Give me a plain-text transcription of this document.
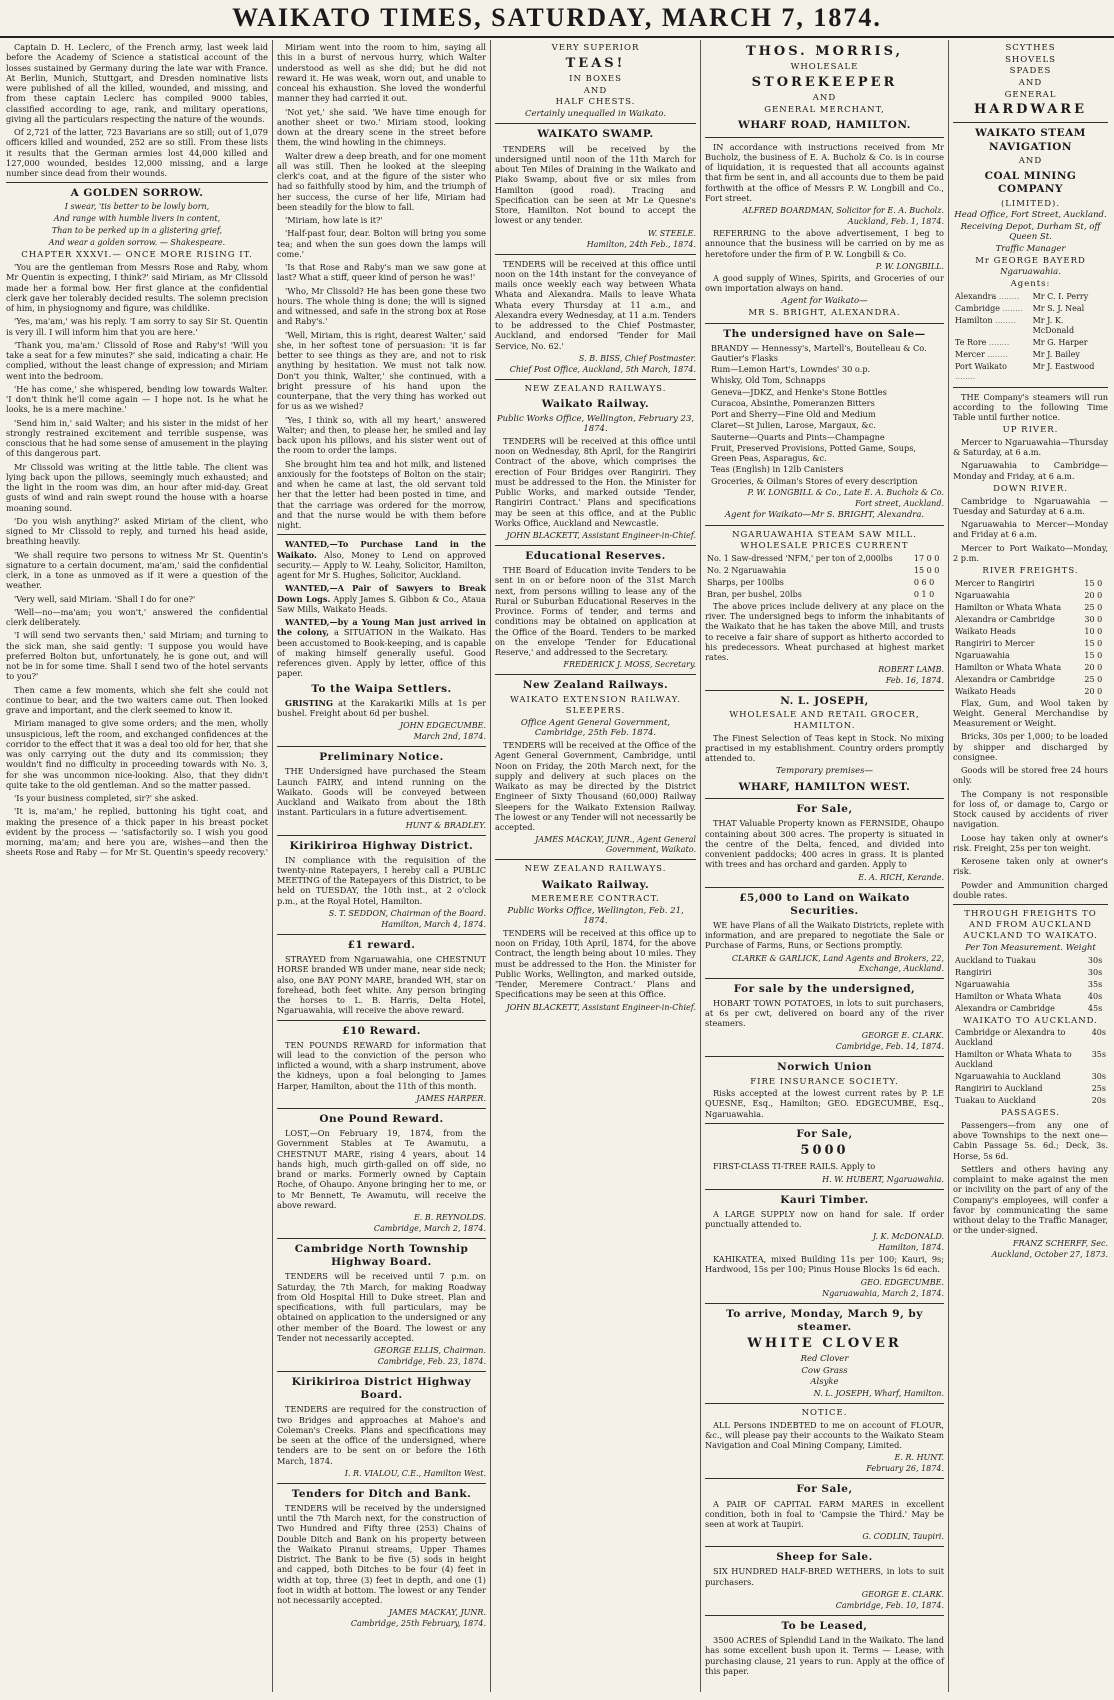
WAIKATO TIMES, SATURDAY, MARCH 7, 1874.

Captain D. H. Leclerc, of the French army, last week laid before the Academy of Science a statistical account of the losses sustained by Germany during the late war with France. At Berlin, Munich, Stuttgart, and Dresden nominative lists were published of all the killed, wounded, and missing, and from these captain Leclerc has compiled 9000 tables, classified according to age, rank, and military operations, giving all the particulars respecting the nature of the wounds.

Of 2,721 of the latter, 723 Bavarians are so still; out of 1,079 officers killed and wounded, 252 are so still. From these lists it results that the German armies lost 44,000 killed and 127,000 wounded, besides 12,000 missing, and a large number since dead from their wounds.

A GOLDEN SORROW.
I swear, 'tis better to be lowly born,
And range with humble livers in content,
Than to be perked up in a glistering grief,
And wear a golden sorrow. — Shakespeare.
CHAPTER XXXVI.— ONCE MORE RISING IT.

'You are the gentleman from Messrs Rose and Raby, whom Mr Quentin is expecting, I think?' said Miriam, as Mr Clissold made her a formal bow. Her first glance at the confidential clerk gave her tolerably decided results. The solemn precision of him, in physiognomy and figure, was childlike.

'Yes, ma'am,' was his reply. 'I am sorry to say Sir St. Quentin is very ill. I will inform him that you are here.'

'Thank you, ma'am.' Clissold of Rose and Raby's! 'Will you take a seat for a few minutes?' she said, indicating a chair. He complied, without the least change of expression; and Miriam went into the bedroom.

'He has come,' she whispered, bending low towards Walter. 'I don't think he'll come again — I hope not. Is he what he looks, he is a mere machine.'

'Send him in,' said Walter; and his sister in the midst of her strongly restrained excitement and terrible suspense, was conscious that he had some sense of amusement in the playing of this dangerous part.

Mr Clissold was writing at the little table. The client was lying back upon the pillows, seemingly much exhausted; and the light in the room was dim, an hour after mid-day. Great gusts of wind and rain swept round the house with a hoarse moaning sound.

'Do you wish anything?' asked Miriam of the client, who signed to Mr Clissold to reply, and turned his head aside, breathing heavily.

'We shall require two persons to witness Mr St. Quentin's signature to a certain document, ma'am,' said the confidential clerk, in a tone as unmoved as if it were a question of the weather.

'Very well, said Miriam. 'Shall I do for one?'

'Well—no—ma'am; you won't,' answered the confidential clerk deliberately.

'I will send two servants then,' said Miriam; and turning to the sick man, she said gently: 'I suppose you would have preferred Bolton but, unfortunately, he is gone out, and will not be in for some time. Shall I send two of the hotel servants to you?'

Then came a few moments, which she felt she could not continue to bear, and the two waiters came out. Then looked grave and important, and the clerk seemed to know it.

Miriam managed to give some orders; and the men, wholly unsuspicious, left the room, and exchanged confidences at the corridor to the effect that it was a deal too old for her, that she was only carrying out the duty and its commission; they wouldn't find no difficulty in proceeding towards with No. 3, for she was uncommon nice-looking. Also, that they didn't quite take to the old gentleman. And so the matter passed.

'Is your business completed, sir?' she asked.

'It is, ma'am,' he replied, buttoning his tight coat, and making the presence of a thick paper in his breast pocket evident by the process — 'satisfactorily so. I wish you good morning, ma'am; and here you are, wishes—and then the sheets Rose and Raby — for Mr St. Quentin's speedy recovery.'

Miriam went into the room to him, saying all this in a burst of nervous hurry, which Walter understood as well as she did; but he did not reward it. He was weak, worn out, and unable to conceal his exhaustion. She loved the wonderful manner they had carried it out.

'Not yet,' she said. 'We have time enough for another sheet or two.' Miriam stood, looking down at the dreary scene in the street before them, the wind howling in the chimneys.

Walter drew a deep breath, and for one moment all was still. Then he looked at the sleeping clerk's coat, and at the figure of the sister who had so faithfully stood by him, and the triumph of her success, the curse of her life, Miriam had been steadily for the blow to fall.

'Miriam, how late is it?'

'Half-past four, dear. Bolton will bring you some tea; and when the sun goes down the lamps will come.'

'Is that Rose and Raby's man we saw gone at last? What a stiff, queer kind of person he was!'

'Who, Mr Clissold? He has been gone these two hours. The whole thing is done; the will is signed and witnessed, and safe in the strong box at Rose and Raby's.'

'Well, Miriam, this is right, dearest Walter,' said she, in her softest tone of persuasion: 'it is far better to see things as they are, and not to risk anything by hesitation. We must not talk now. Don't you think, Walter,' she continued, with a bright pressure of his hand upon the counterpane, that the very thing has worked out for us as we wished?

'Yes, I think so, with all my heart,' answered Walter; and then, to please her, he smiled and lay back upon his pillows, and his sister went out of the room to order the lamps.

She brought him tea and hot milk, and listened anxiously for the footsteps of Bolton on the stair; and when he came at last, the old servant told her that the letter had been posted in time, and that the carriage was ordered for the morrow, and that the nurse would be with them before night.

WANTED,—To Purchase Land in the Waikato. Also, Money to Lend on approved security.— Apply to W. Leahy, Solicitor, Hamilton, agent for Mr S. Hughes, Solicitor, Auckland.

WANTED,—A Pair of Sawyers to Break Down Logs. Apply James S. Gibbon & Co., Ataua Saw Mills, Waikato Heads.

WANTED,—by a Young Man just arrived in the colony, a SITUATION in the Waikato. Has been accustomed to Book-keeping, and is capable of making himself generally useful. Good references given. Apply by letter, office of this paper.

To the Waipa Settlers.

GRISTING at the Karakariki Mills at 1s per bushel. Freight about 6d per bushel.

JOHN EDGECUMBE.
March 2nd, 1874.
Preliminary Notice.

THE Undersigned have purchased the Steam Launch FAIRY, and intend running on the Waikato. Goods will be conveyed between Auckland and Waikato from about the 18th instant. Particulars in a future advertisement.

HUNT & BRADLEY.
Kirikiriroa Highway District.

IN compliance with the requisition of the twenty-nine Ratepayers, I hereby call a PUBLIC MEETING of the Ratepayers of this District, to be held on TUESDAY, the 10th inst., at 2 o'clock p.m., at the Royal Hotel, Hamilton.

S. T. SEDDON, Chairman of the Board.
Hamilton, March 4, 1874.
£1 reward.

STRAYED from Ngaruawahia, one CHESTNUT HORSE branded WB under mane, near side neck; also, one BAY PONY MARE, branded WH, star on forehead, both feet white. Any person bringing the horses to L. B. Harris, Delta Hotel, Ngaruawahia, will receive the above reward.

£10 Reward.

TEN POUNDS REWARD for information that will lead to the conviction of the person who inflicted a wound, with a sharp instrument, above the kidneys, upon a foal belonging to James Harper, Hamilton, about the 11th of this month.

JAMES HARPER.
One Pound Reward.

LOST,—On February 19, 1874, from the Government Stables at Te Awamutu, a CHESTNUT MARE, rising 4 years, about 14 hands high, much girth-galled on off side, no brand or marks. Formerly owned by Captain Roche, of Ohaupo. Anyone bringing her to me, or to Mr Bennett, Te Awamutu, will receive the above reward.

E. B. REYNOLDS.
Cambridge, March 2, 1874.
Cambridge North Township Highway Board.

TENDERS will be received until 7 p.m. on Saturday, the 7th March, for making Roadway from Old Hospital Hill to Duke street. Plan and specifications, with full particulars, may be obtained on application to the undersigned or any other member of the Board. The lowest or any Tender not necessarily accepted.

GEORGE ELLIS, Chairman.
Cambridge, Feb. 23, 1874.
Kirikiriroa District Highway Board.

TENDERS are required for the construction of two Bridges and approaches at Mahoe's and Coleman's Creeks. Plans and specifications may be seen at the office of the undersigned, where tenders are to be sent on or before the 16th March, 1874.

I. R. VIALOU, C.E., Hamilton West.
Tenders for Ditch and Bank.

TENDERS will be received by the undersigned until the 7th March next, for the construction of Two Hundred and Fifty three (253) Chains of Double Ditch and Bank on his property between the Waikato Piranui streams, Upper Thames District. The Bank to be five (5) sods in height and capped, both Ditches to be four (4) feet in width at top, three (3) feet in depth, and one (1) foot in width at bottom. The lowest or any Tender not necessarily accepted.

JAMES MACKAY, JUNR.
Cambridge, 25th February, 1874.
VERY SUPERIOR
TEAS!
IN BOXES
AND
HALF CHESTS.
Certainly unequalled in Waikato.
WAIKATO SWAMP.

TENDERS will be received by the undersigned until noon of the 11th March for about Ten Miles of Draining in the Waikato and Piako Swamp, about five or six miles from Hamilton (good road). Tracing and Specification can be seen at Mr Le Quesne's Store, Hamilton. Not bound to accept the lowest or any tender.

W. STEELE.
Hamilton, 24th Feb., 1874.

TENDERS will be received at this office until noon on the 14th instant for the conveyance of mails once weekly each way between Whata Whata and Alexandra. Mails to leave Whata Whata every Thursday at 11 a.m., and Alexandra every Wednesday, at 11 a.m. Tenders to be addressed to the Chief Postmaster, Auckland, and endorsed 'Tender for Mail Service, No. 62.'

S. B. BISS, Chief Postmaster.
Chief Post Office, Auckland, 5th March, 1874.
NEW ZEALAND RAILWAYS.
Waikato Railway.
Public Works Office, Wellington, February 23, 1874.

TENDERS will be received at this office until noon on Wednesday, 8th April, for the Rangiriri Contract of the above, which comprises the erection of Four Bridges over Rangiriri. They must be addressed to the Hon. the Minister for Public Works, and marked outside 'Tender, Rangiriri Contract.' Plans and specifications may be seen at this office, and at the Public Works Office, Auckland and Newcastle.

JOHN BLACKETT, Assistant Engineer-in-Chief.
Educational Reserves.

THE Board of Education invite Tenders to be sent in on or before noon of the 31st March next, from persons willing to lease any of the Rural or Suburban Educational Reserves in the Province. Forms of tender, and terms and conditions may be obtained on application at the Office of the Board. Tenders to be marked on the envelope 'Tender for Educational Reserve,' and addressed to the Secretary.

FREDERICK J. MOSS, Secretary.
New Zealand Railways.
WAIKATO EXTENSION RAILWAY.
SLEEPERS.
Office Agent General Government, Cambridge, 25th Feb. 1874.

TENDERS will be received at the Office of the Agent General Government, Cambridge, until Noon on Friday, the 20th March next, for the supply and delivery at such places on the Waikato as may be directed by the District Engineer of Sixty Thousand (60,000) Railway Sleepers for the Waikato Extension Railway. The lowest or any Tender will not necessarily be accepted.

JAMES MACKAY, JUNR., Agent General Government, Waikato.
NEW ZEALAND RAILWAYS.
Waikato Railway.
MEREMERE CONTRACT.
Public Works Office, Wellington, Feb. 21, 1874.

TENDERS will be received at this office up to noon on Friday, 10th April, 1874, for the above Contract, the length being about 10 miles. They must be addressed to the Hon. the Minister for Public Works, Wellington, and marked outside, 'Tender, Meremere Contract.' Plans and Specifications may be seen at this Office.

JOHN BLACKETT, Assistant Engineer-in-Chief.
THOS. MORRIS,
WHOLESALE
STOREKEEPER
AND
GENERAL MERCHANT,
WHARF ROAD, HAMILTON.

IN accordance with instructions received from Mr Bucholz, the business of E. A. Bucholz & Co. is in course of liquidation, it is requested that all accounts against that firm be sent in, and all accounts due to them be paid forthwith at the office of Messrs P. W. Longbill and Co., Fort street.

ALFRED BOARDMAN, Solicitor for E. A. Bucholz.
Auckland, Feb. 1, 1874.

REFERRING to the above advertisement, I beg to announce that the business will be carried on by me as heretofore under the firm of P. W. Longbill & Co.

P. W. LONGBILL.

A good supply of Wines, Spirits, and Groceries of our own importation always on hand.

Agent for Waikato—
MR S. BRIGHT, ALEXANDRA.
The undersigned have on Sale—
BRANDY — Hennessy's, Martell's, Boutelleau & Co. Gautier's Flasks
Rum—Lemon Hart's, Lowndes' 30 o.p.
Whisky, Old Tom, Schnapps
Geneva—JDKZ, and Henke's Stone Bottles
Curacoa, Absinthe, Pomeranzen Bitters
Port and Sherry—Fine Old and Medium
Claret—St Julien, Larose, Margaux, &c.
Sauterne—Quarts and Pints—Champagne
Fruit, Preserved Provisions, Potted Game, Soups, Green Peas, Asparagus, &c.
Teas (English) in 12lb Canisters
Groceries, & Oilman's Stores of every description
P. W. LONGBILL & Co., Late E. A. Bucholz & Co.
Fort street, Auckland.
Agent for Waikato—Mr S. BRIGHT, Alexandra.
NGARUAWAHIA STEAM SAW MILL.
WHOLESALE PRICES CURRENT
No. 1 Saw-dressed 'NFM,' per ton of 2,000lbs	17 0 0
No. 2 Ngaruawahia	15 0 0
Sharps, per 100lbs	0 6 0
Bran, per bushel, 20lbs	0 1 0

The above prices include delivery at any place on the river. The undersigned begs to inform the inhabitants of the Waikato that he has taken the above Mill, and trusts to receive a fair share of support as hitherto accorded to his predecessors. Wheat purchased at highest market rates.

ROBERT LAMB.
Feb. 16, 1874.
N. L. JOSEPH,
WHOLESALE AND RETAIL GROCER, HAMILTON.

The Finest Selection of Teas kept in Stock. No mixing practised in my establishment. Country orders promptly attended to.

Temporary premises—
WHARF, HAMILTON WEST.
For Sale,

THAT Valuable Property known as FERNSIDE, Ohaupo containing about 300 acres. The property is situated in the centre of the Delta, fenced, and divided into convenient paddocks; 400 acres in grass. It is planted with trees and has orchard and garden. Apply to

E. A. RICH, Kerande.
£5,000 to Land on Waikato Securities.

WE have Plans of all the Waikato Districts, replete with information, and are prepared to negotiate the Sale or Purchase of Farms, Runs, or Sections promptly.

CLARKE & GARLICK, Land Agents and Brokers, 22, Exchange, Auckland.
For sale by the undersigned,

HOBART TOWN POTATOES, in lots to suit purchasers, at 6s per cwt, delivered on board any of the river steamers.

GEORGE E. CLARK.
Cambridge, Feb. 14, 1874.
Norwich Union
FIRE INSURANCE SOCIETY.

Risks accepted at the lowest current rates by P. LE QUESNE, Esq., Hamilton; GEO. EDGECUMBE, Esq., Ngaruawahia.

For Sale,
5000

FIRST-CLASS TI-TREE RAILS. Apply to

H. W. HUBERT, Ngaruawahia.
Kauri Timber.

A LARGE SUPPLY now on hand for sale. If order punctually attended to.

J. K. McDONALD.
Hamilton, 1874.

KAHIKATEA, mixed Building 11s per 100; Kauri, 9s; Hardwood, 15s per 100; Pinus House Blocks 1s 6d each.

GEO. EDGECUMBE.
Ngaruawahia, March 2, 1874.
To arrive, Monday, March 9, by steamer.
WHITE CLOVER
Red Clover
Cow Grass
Alsyke
N. L. JOSEPH, Wharf, Hamilton.
NOTICE.

ALL Persons INDEBTED to me on account of FLOUR, &c., will please pay their accounts to the Waikato Steam Navigation and Coal Mining Company, Limited.

E. R. HUNT.
February 26, 1874.
For Sale,

A PAIR OF CAPITAL FARM MARES in excellent condition, both in foal to 'Campsie the Third.' May be seen at work at Taupiri.

G. CODLIN, Taupiri.
Sheep for Sale.

SIX HUNDRED HALF-BRED WETHERS, in lots to suit purchasers.

GEORGE E. CLARK.
Cambridge, Feb. 10, 1874.
To be Leased,

3500 ACRES of Splendid Land in the Waikato. The land has some excellent bush upon it. Terms — Lease, with purchasing clause, 21 years to run. Apply at the office of this paper.

SCYTHES
SHOVELS
SPADES
AND
GENERAL
HARDWARE
WAIKATO STEAM NAVIGATION
AND
COAL MINING COMPANY
(LIMITED).
Head Office, Fort Street, Auckland.
Receiving Depot, Durham St, off Queen St.
Traffic Manager
Mr GEORGE BAYERD
Ngaruawahia.
Agents:
Alexandra .....	Mr C. I. Perry
Cambridge .....	Mr S. J. Neal
Hamilton .....	Mr J. K. McDonald
Te Rore .....	Mr G. Harper
Mercer .....	Mr J. Bailey
Port Waikato .....	Mr J. Eastwood

THE Company's steamers will run according to the following Time Table until further notice.

UP RIVER.

Mercer to Ngaruawahia—Thursday & Saturday, at 6 a.m.

Ngaruawahia to Cambridge—Monday and Friday, at 6 a.m.

DOWN RIVER.

Cambridge to Ngaruawahia — Tuesday and Saturday at 6 a.m.

Ngaruawahia to Mercer—Monday and Friday at 6 a.m.

Mercer to Port Waikato—Monday, 2 p.m.

RIVER FREIGHTS.
Mercer to Rangiriri	15 0
Ngaruawahia	20 0
Hamilton or Whata Whata	25 0
Alexandra or Cambridge	30 0
Waikato Heads	10 0
Rangiriri to Mercer	15 0
Ngaruawahia	15 0
Hamilton or Whata Whata	20 0
Alexandra or Cambridge	25 0
Waikato Heads	20 0

Flax, Gum, and Wool taken by Weight. General Merchandise by Measurement or Weight.

Bricks, 30s per 1,000; to be loaded by shipper and discharged by consignee.

Goods will be stored free 24 hours only.

The Company is not responsible for loss of, or damage to, Cargo or Stock caused by accidents of river navigation.

Loose hay taken only at owner's risk. Freight, 25s per ton weight.

Kerosene taken only at owner's risk.

Powder and Ammunition charged double rates.

THROUGH FREIGHTS TO AND FROM AUCKLAND
AUCKLAND TO WAIKATO.
Per Ton Measurement. Weight
Auckland to Tuakau	30s
Rangiriri	30s
Ngaruawahia	35s
Hamilton or Whata Whata	40s
Alexandra or Cambridge	45s
WAIKATO TO AUCKLAND.
Cambridge or Alexandra to Auckland	40s
Hamilton or Whata Whata to Auckland	35s
Ngaruawahia to Auckland	30s
Rangiriri to Auckland	25s
Tuakau to Auckland	20s
PASSAGES.

Passengers—from any one of above Townships to the next one—Cabin Passage 5s. 6d.; Deck, 3s. Horse, 5s 6d.

Settlers and others having any complaint to make against the men or incivility on the part of any of the Company's employees, will confer a favor by communicating the same without delay to the Traffic Manager, or the under-signed.

FRANZ SCHERFF, Sec.
Auckland, October 27, 1873.
